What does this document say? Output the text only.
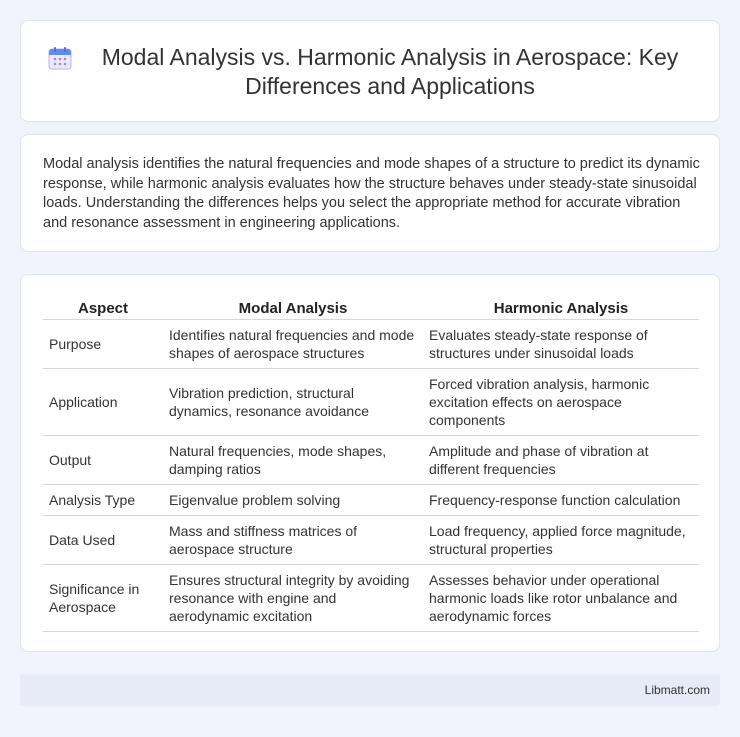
Modal Analysis vs. Harmonic Analysis in Aerospace: Key Differences and Applications

Modal analysis identifies the natural frequencies and mode shapes of a structure to predict its dynamic response, while harmonic analysis evaluates how the structure behaves under steady-state sinusoidal loads. Understanding the differences helps you select the appropriate method for accurate vibration and resonance assessment in engineering applications.

Aspect	Modal Analysis	Harmonic Analysis
Purpose	Identifies natural frequencies and mode shapes of aerospace structures	Evaluates steady-state response of structures under sinusoidal loads
Application	Vibration prediction, structural dynamics, resonance avoidance	Forced vibration analysis, harmonic excitation effects on aerospace components
Output	Natural frequencies, mode shapes, damping ratios	Amplitude and phase of vibration at different frequencies
Analysis Type	Eigenvalue problem solving	Frequency-response function calculation
Data Used	Mass and stiffness matrices of aerospace structure	Load frequency, applied force magnitude, structural properties
Significance in Aerospace	Ensures structural integrity by avoiding resonance with engine and aerodynamic excitation	Assesses behavior under operational harmonic loads like rotor unbalance and aerodynamic forces
Libmatt.com
